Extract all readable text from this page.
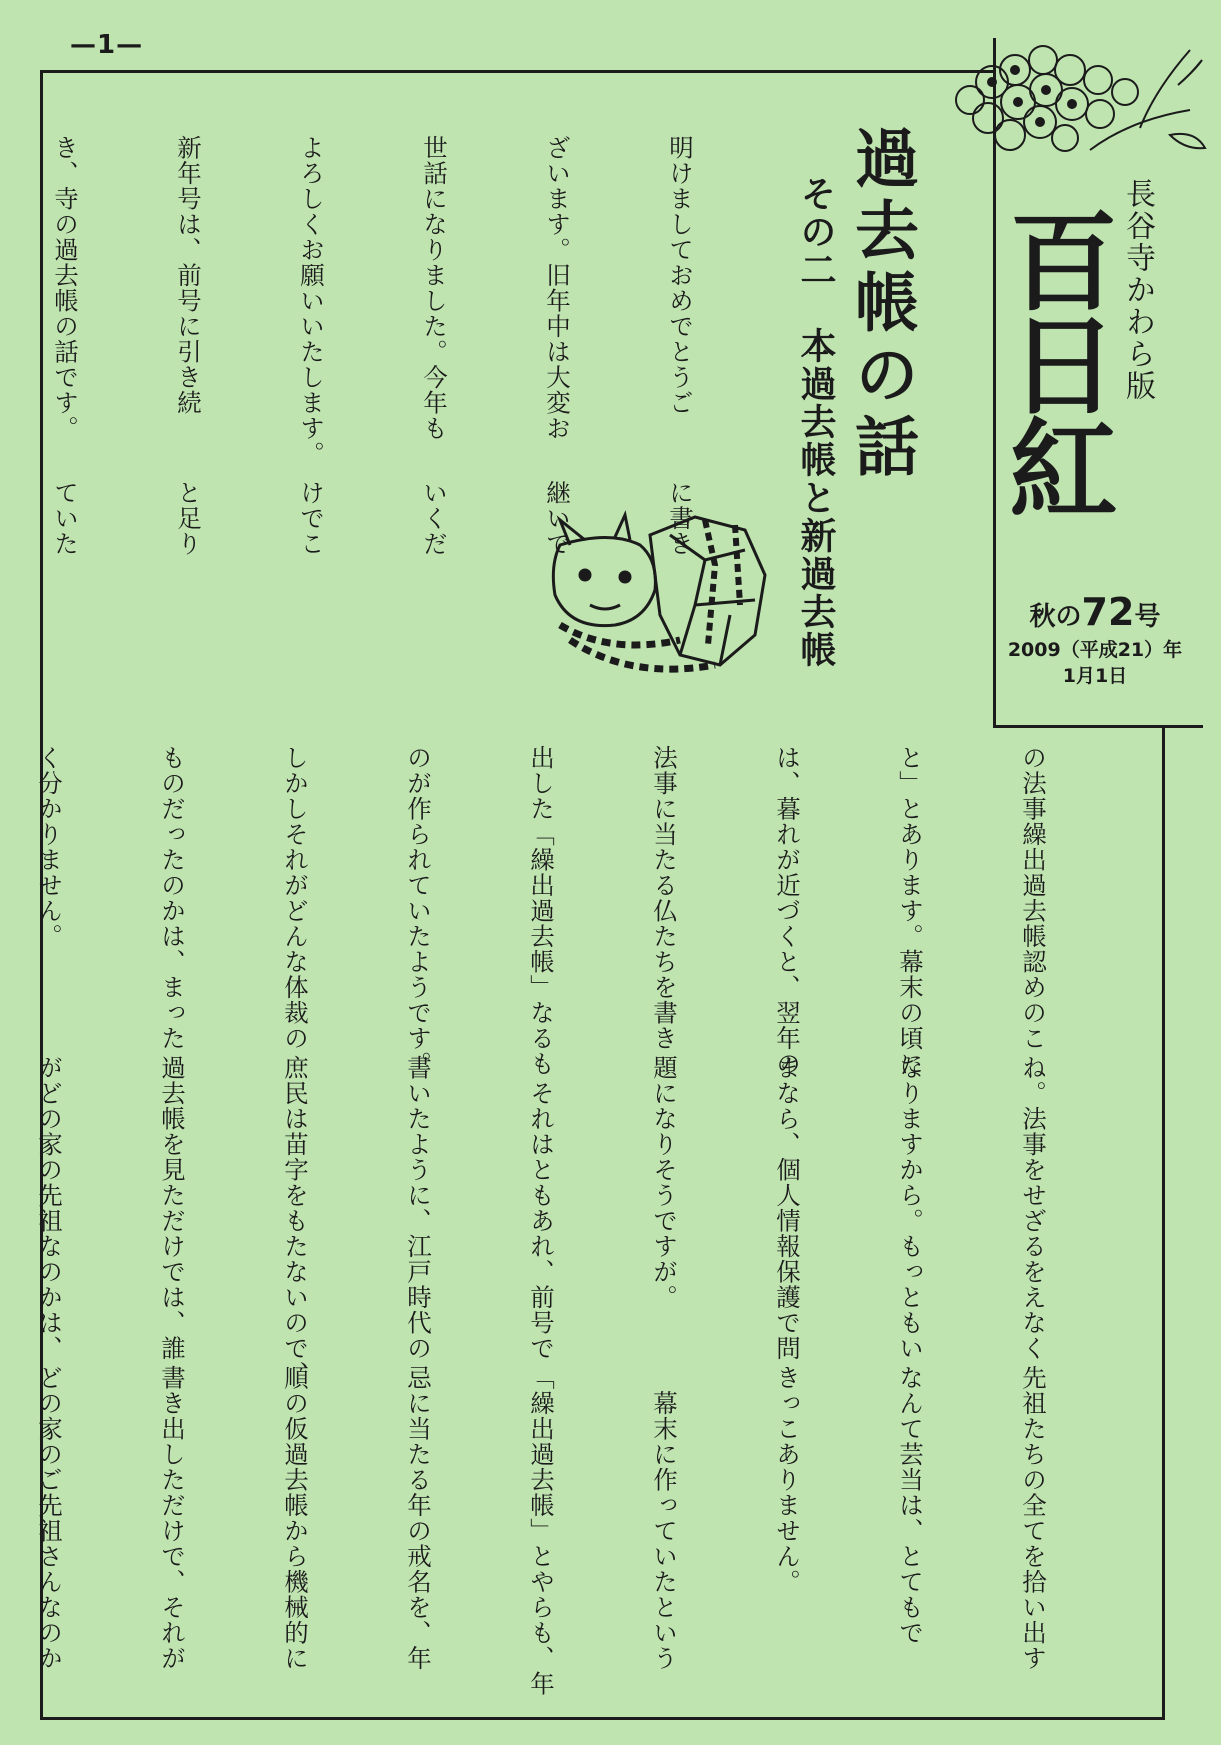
—1—
長谷寺かわら版
百日紅
秋の72号
2009（平成21）年
1月1日
過去帳の話
その二　本過去帳と新過去帳

明けましておめでとうご

ざいます。旧年中は大変お

世話になりました。今年も

よろしくお願いいたします。

新年号は、前号に引き続

き、寺の過去帳の話です。

に書き

継いで

いくだ

けでこ

と足り

ていた

の法事繰出過去帳認めのこ

と」とあります。幕末の頃に

は、暮れが近づくと、翌年の

法事に当たる仏たちを書き

出した「繰出過去帳」なるも

のが作られていたようです。

しかしそれがどんな体裁の

ものだったのかは、まった

く分かりません。

ね。法事をせざるをえなく

なりますから。もっともい

まなら、個人情報保護で問

題になりそうですが。

　それはともあれ、前号で

書いたように、江戸時代の

庶民は苗字をもたないので、

過去帳を見ただけでは、誰

がどの家の先祖なのかは、

先祖たちの全てを拾い出す

なんて芸当は、とてもで

きっこありません。

　幕末に作っていたという

「繰出過去帳」とやらも、年

忌に当たる年の戒名を、年

順の仮過去帳から機械的に

書き出しただけで、それが

どの家のご先祖さんなのか
